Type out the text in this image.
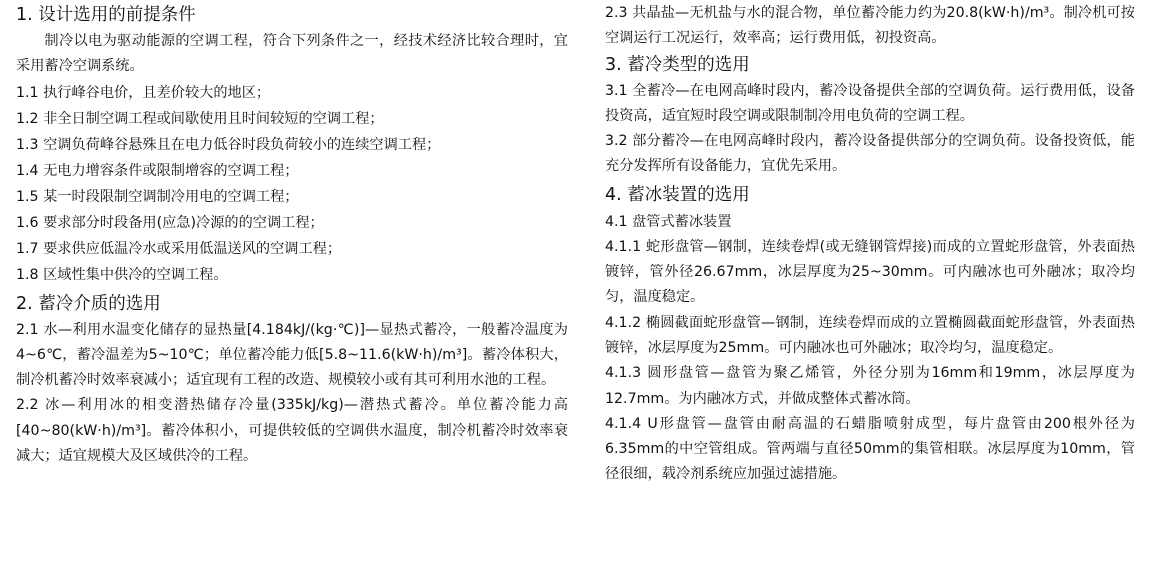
1. 设计选用的前提条件

制冷以电为驱动能源的空调工程，符合下列条件之一，经技术经济比较合理时，宜采用蓄冷空调系统。

1.1 执行峰谷电价，且差价较大的地区；

1.2 非全日制空调工程或间歇使用且时间较短的空调工程；

1.3 空调负荷峰谷悬殊且在电力低谷时段负荷较小的连续空调工程；

1.4 无电力增容条件或限制增容的空调工程；

1.5 某一时段限制空调制冷用电的空调工程；

1.6 要求部分时段备用(应急)冷源的的空调工程；

1.7 要求供应低温冷水或采用低温送风的空调工程；

1.8 区域性集中供冷的空调工程。

2. 蓄冷介质的选用

2.1 水—利用水温变化储存的显热量[4.184kJ/(kg·℃)]—显热式蓄冷，一般蓄冷温度为4~6℃，蓄冷温差为5~10℃；单位蓄冷能力低[5.8~11.6(kW·h)/m³]。蓄冷体积大，制冷机蓄冷时效率衰减小；适宜现有工程的改造、规模较小或有其可利用水池的工程。

2.2 冰—利用冰的相变潜热储存冷量(335kJ/kg)—潜热式蓄冷。单位蓄冷能力高 [40~80(kW·h)/m³]。蓄冷体积小，可提供较低的空调供水温度，制冷机蓄冷时效率衰减大；适宜规模大及区域供冷的工程。

2.3 共晶盐—无机盐与水的混合物，单位蓄冷能力约为20.8(kW·h)/m³。制冷机可按空调运行工况运行，效率高；运行费用低，初投资高。

3. 蓄冷类型的选用

3.1 全蓄冷—在电网高峰时段内，蓄冷设备提供全部的空调负荷。运行费用低，设备投资高，适宜短时段空调或限制制冷用电负荷的空调工程。

3.2 部分蓄冷—在电网高峰时段内，蓄冷设备提供部分的空调负荷。设备投资低，能充分发挥所有设备能力，宜优先采用。

4. 蓄冰装置的选用

4.1 盘管式蓄冰装置

4.1.1 蛇形盘管—钢制，连续卷焊(或无缝钢管焊接)而成的立置蛇形盘管，外表面热镀锌，管外径26.67mm，冰层厚度为25~30mm。可内融冰也可外融冰；取冷均匀，温度稳定。

4.1.2 椭圆截面蛇形盘管—钢制，连续卷焊而成的立置椭圆截面蛇形盘管，外表面热镀锌，冰层厚度为25mm。可内融冰也可外融冰；取冷均匀，温度稳定。

4.1.3 圆形盘管—盘管为聚乙烯管，外径分别为16mm和19mm，冰层厚度为12.7mm。为内融冰方式，并做成整体式蓄冰筒。

4.1.4 U形盘管—盘管由耐高温的石蜡脂喷射成型，每片盘管由200根外径为6.35mm的中空管组成。管两端与直径50mm的集管相联。冰层厚度为10mm，管径很细，载冷剂系统应加强过滤措施。
